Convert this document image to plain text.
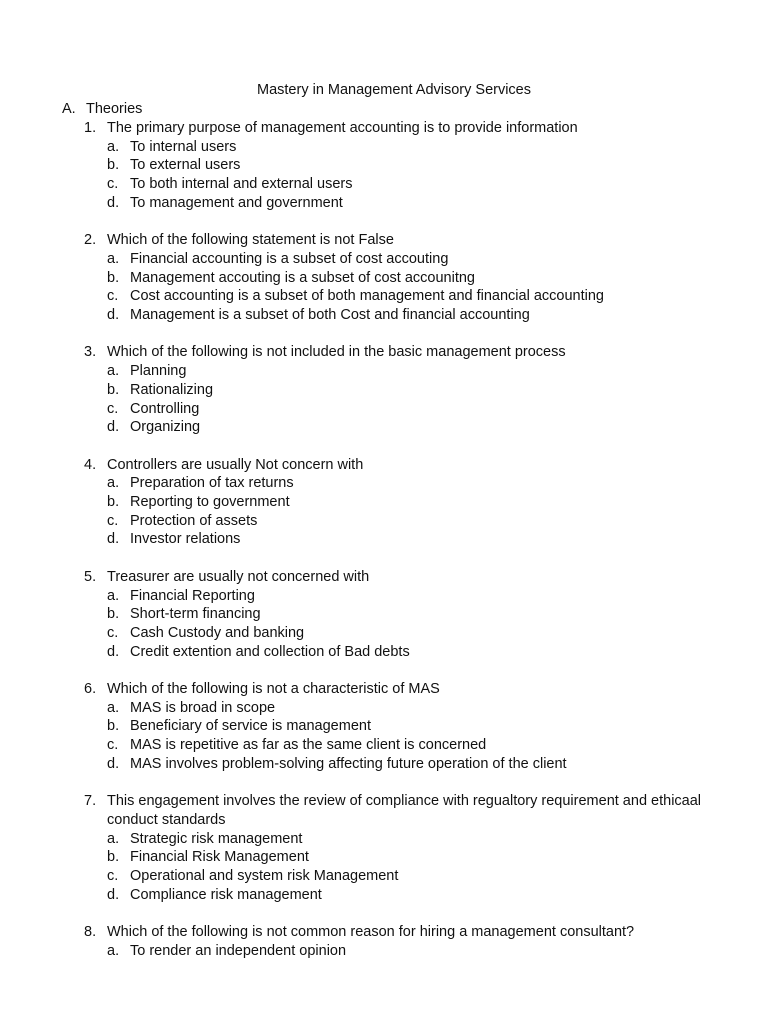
Mastery in Management Advisory Services
A. Theories
1. The primary purpose of management accounting is to provide information
a. To internal users
b. To external users
c. To both internal and external users
d. To management and government
2. Which of the following statement is not False
a. Financial accounting is a subset of cost accouting
b. Management accouting is a subset of cost accounitng
c. Cost accounting is a subset of both management and financial accounting
d. Management is a subset of both Cost and financial accounting
3. Which of the following is not included in the basic management process
a. Planning
b. Rationalizing
c. Controlling
d. Organizing
4. Controllers are usually Not concern with
a. Preparation of tax returns
b. Reporting to government
c. Protection of assets
d. Investor relations
5. Treasurer are usually not concerned with
a. Financial Reporting
b. Short-term financing
c. Cash Custody and banking
d. Credit extention and collection of Bad debts
6. Which of the following is not a characteristic of MAS
a. MAS is broad in scope
b. Beneficiary of service is management
c. MAS is repetitive as far as the same client is concerned
d. MAS involves problem-solving affecting future operation of the client
7. This engagement involves the review of compliance with regualtory requirement and ethicaal conduct standards
a. Strategic risk management
b. Financial Risk Management
c. Operational and system risk Management
d. Compliance risk management
8. Which of the following is not common reason for hiring a management consultant?
a. To render an independent opinion
